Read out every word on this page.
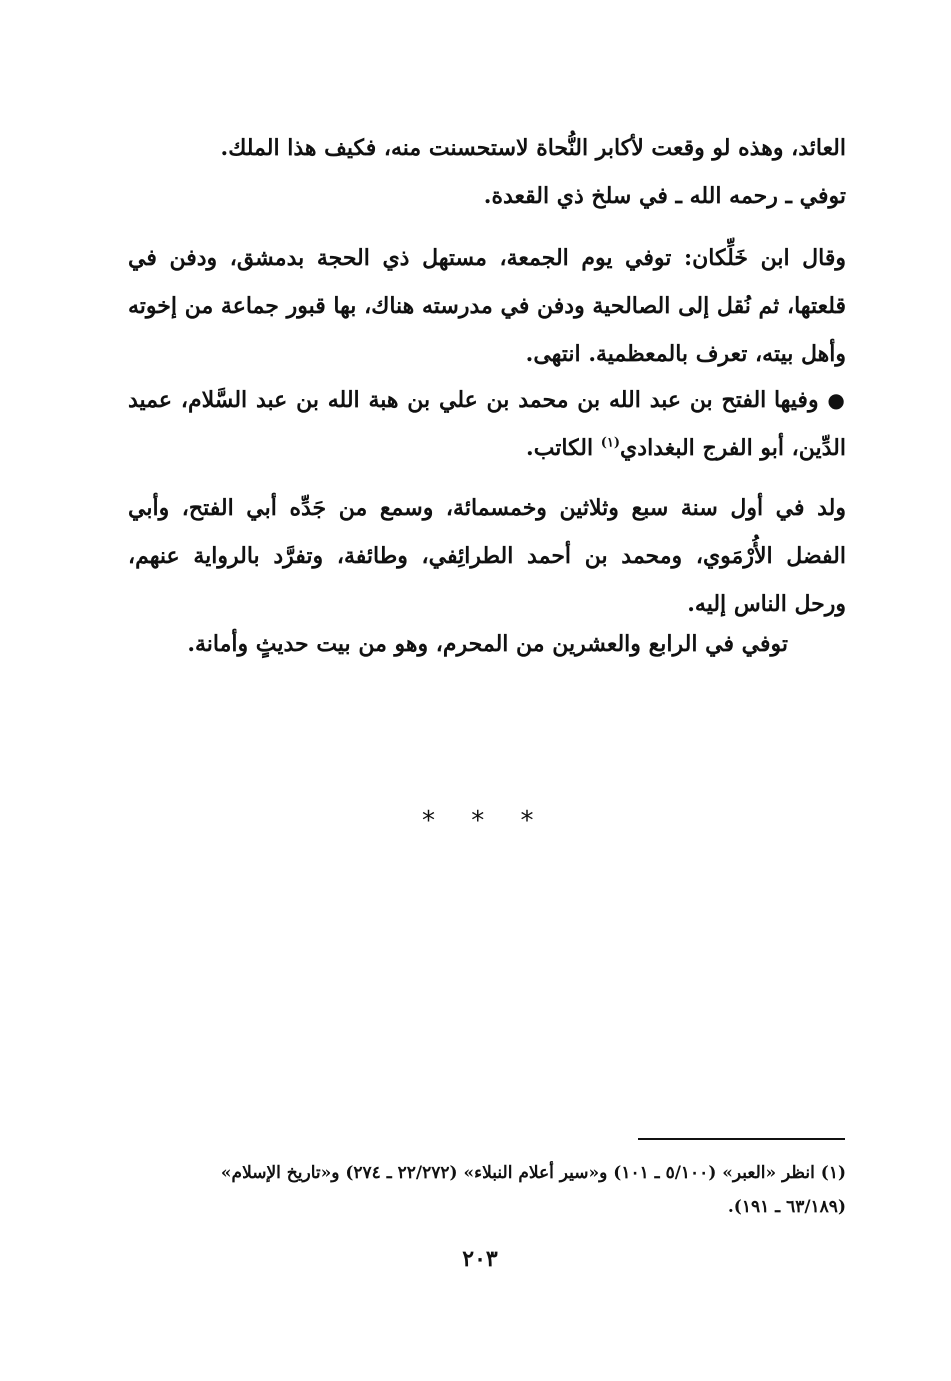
العائد، وهذه لو وقعت لأكابر النُّحاة لاستحسنت منه، فكيف هذا الملك.
توفي ـ رحمه الله ـ في سلخ ذي القعدة.
وقال ابن خَلِّكان: توفي يوم الجمعة، مستهل ذي الحجة بدمشق، ودفن في قلعتها، ثم نُقل إلى الصالحية ودفن في مدرسته هناك، بها قبور جماعة من إخوته وأهل بيته، تعرف بالمعظمية. انتهى.
● وفيها الفتح بن عبد الله بن محمد بن علي بن هبة الله بن عبد السَّلام، عميد الدِّين، أبو الفرج البغدادي$^{(١)}$ الكاتب.
ولد في أول سنة سبع وثلاثين وخمسمائة، وسمع من جَدِّه أبي الفتح، وأبي الفضل الأُرْمَوي، ومحمد بن أحمد الطرائِفي، وطائفة، وتفرَّد بالرواية عنهم، ورحل الناس إليه.
توفي في الرابع والعشرين من المحرم، وهو من بيت حديثٍ وأمانة.
* * *
(١) انظر «العبر» (٥/١٠٠ ـ ١٠١) و«سير أعلام النبلاء» (٢٢/٢٧٢ ـ ٢٧٤) و«تاريخ الإسلام»
(٦٣/١٨٩ ـ ١٩١).
٢٠٣
